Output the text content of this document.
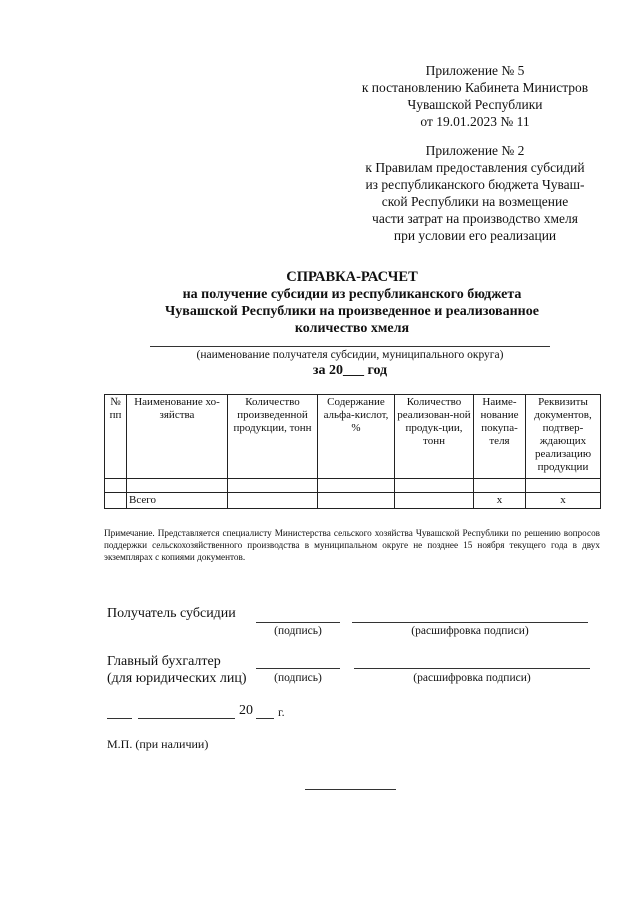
Приложение № 5
к постановлению Кабинета Министров
Чувашской Республики
от 19.01.2023 № 11
Приложение № 2
к Правилам предоставления субсидий
из республиканского бюджета Чуваш-
ской Республики на возмещение
части затрат на производство хмеля
при условии его реализации
СПРАВКА-РАСЧЕТ
на получение субсидии из республиканского бюджета
Чувашской Республики на произведенное и реализованное
количество хмеля
(наименование получателя субсидии, муниципального округа)
за 20___ год
№ пп	Наименование хо-зяйства	Количество произведенной продукции, тонн	Содержание альфа-кислот, %	Количество реализован-ной продук-ции, тонн	Наиме-нование покупа-теля	Реквизиты документов, подтвер-ждающих реализацию продукции

	Всего				х	х
Примечание. Представляется специалисту Министерства сельского хозяйства Чувашской Республики по решению вопросов поддержки сельскохозяйственного производства в муниципальном округе не позднее 15 ноября текущего года в двух экземплярах с копиями документов.
Получатель субсидии
(подпись)	(расшифровка подписи)
Главный бухгалтер
(для юридических лиц)	(подпись)	(расшифровка подписи)
20 г.
М.П. (при наличии)
